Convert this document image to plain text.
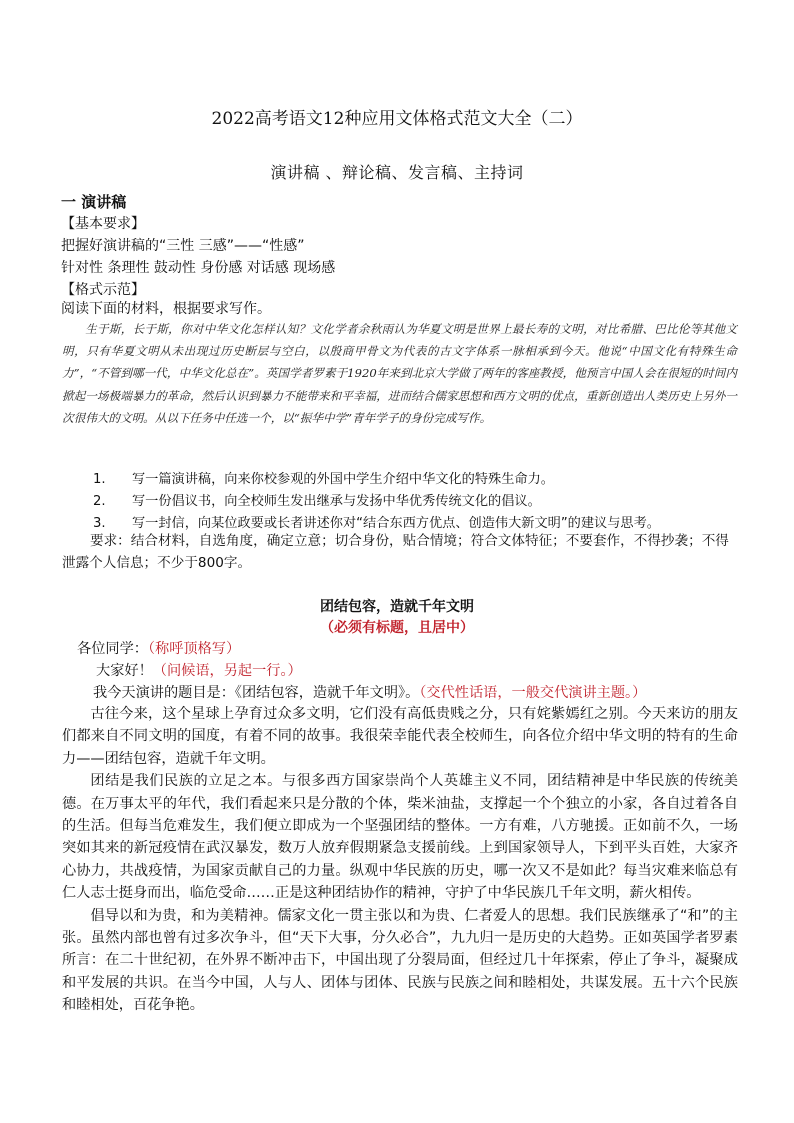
2022高考语文12种应用文体格式范文大全（二）
演讲稿 、辩论稿、发言稿、主持词
一 演讲稿
【基本要求】
把握好演讲稿的“三性 三感”——“性感”
针对性 条理性 鼓动性 身份感 对话感 现场感
【格式示范】
阅读下面的材料，根据要求写作。

生于斯，长于斯，你对中华文化怎样认知？文化学者余秋雨认为华夏文明是世界上最长寿的文明，对比希腊、巴比伦等其他文明，只有华夏文明从未出现过历史断层与空白，以殷商甲骨文为代表的古文字体系一脉相承到今天。他说“中国文化有特殊生命力”，“不管到哪一代，中华文化总在”。英国学者罗素于1920年来到北京大学做了两年的客座教授，他预言中国人会在很短的时间内掀起一场极端暴力的革命，然后认识到暴力不能带来和平幸福，进而结合儒家思想和西方文明的优点，重新创造出人类历史上另外一次很伟大的文明。从以下任务中任选一个，以“振华中学”青年学子的身份完成写作。

1. 写一篇演讲稿，向来你校参观的外国中学生介绍中华文化的特殊生命力。
2. 写一份倡议书，向全校师生发出继承与发扬中华优秀传统文化的倡议。
3. 写一封信，向某位政要或长者讲述你对“结合东西方优点、创造伟大新文明”的建议与思考。
要求：结合材料，自选角度，确定立意；切合身份，贴合情境；符合文体特征；不要套作，不得抄袭；不得泄露个人信息；不少于800字。
团结包容，造就千年文明
（必须有标题，且居中）
各位同学：（称呼顶格写）
大家好！（问候语，另起一行。）
我今天演讲的题目是：《团结包容，造就千年文明》。（交代性话语，一般交代演讲主题。）

古往今来，这个星球上孕育过众多文明，它们没有高低贵贱之分，只有姹紫嫣红之别。今天来访的朋友们都来自不同文明的国度，有着不同的故事。我很荣幸能代表全校师生，向各位介绍中华文明的特有的生命力——团结包容，造就千年文明。

团结是我们民族的立足之本。与很多西方国家崇尚个人英雄主义不同，团结精神是中华民族的传统美德。在万事太平的年代，我们看起来只是分散的个体，柴米油盐，支撑起一个个独立的小家，各自过着各自的生活。但每当危难发生，我们便立即成为一个坚强团结的整体。一方有难，八方驰援。正如前不久，一场突如其来的新冠疫情在武汉暴发，数万人放弃假期紧急支援前线。上到国家领导人，下到平头百姓，大家齐心协力，共战疫情，为国家贡献自己的力量。纵观中华民族的历史，哪一次又不是如此？每当灾难来临总有仁人志士挺身而出，临危受命……正是这种团结协作的精神，守护了中华民族几千年文明，薪火相传。

倡导以和为贵，和为美精神。儒家文化一贯主张以和为贵、仁者爱人的思想。我们民族继承了“和”的主张。虽然内部也曾有过多次争斗，但“天下大事，分久必合”，九九归一是历史的大趋势。正如英国学者罗素所言：在二十世纪初，在外界不断冲击下，中国出现了分裂局面，但经过几十年探索，停止了争斗，凝聚成和平发展的共识。在当今中国，人与人、团体与团体、民族与民族之间和睦相处，共谋发展。五十六个民族和睦相处，百花争艳。
